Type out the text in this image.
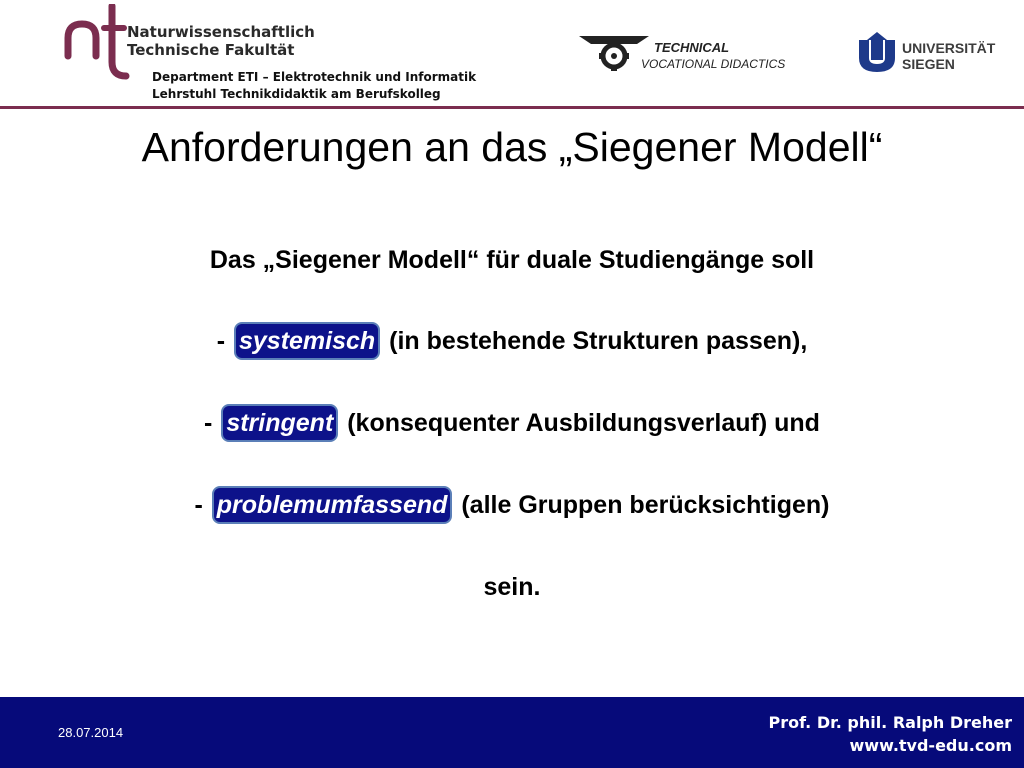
Naturwissenschaftlich
Technische Fakultät
Department ETI – Elektrotechnik und Informatik
Lehrstuhl Technikdidaktik am Berufskolleg
TECHNICAL
VOCATIONAL DIDACTICS
UNIVERSITÄT
SIEGEN
Anforderungen an das „Siegener Modell“
Das „Siegener Modell“ für duale Studiengänge soll
- systemisch (in bestehende Strukturen passen),
- stringent (konsequenter Ausbildungsverlauf) und
- problemumfassend (alle Gruppen berücksichtigen)
sein.
28.07.2014
Prof. Dr. phil. Ralph Dreher
www.tvd-edu.com
